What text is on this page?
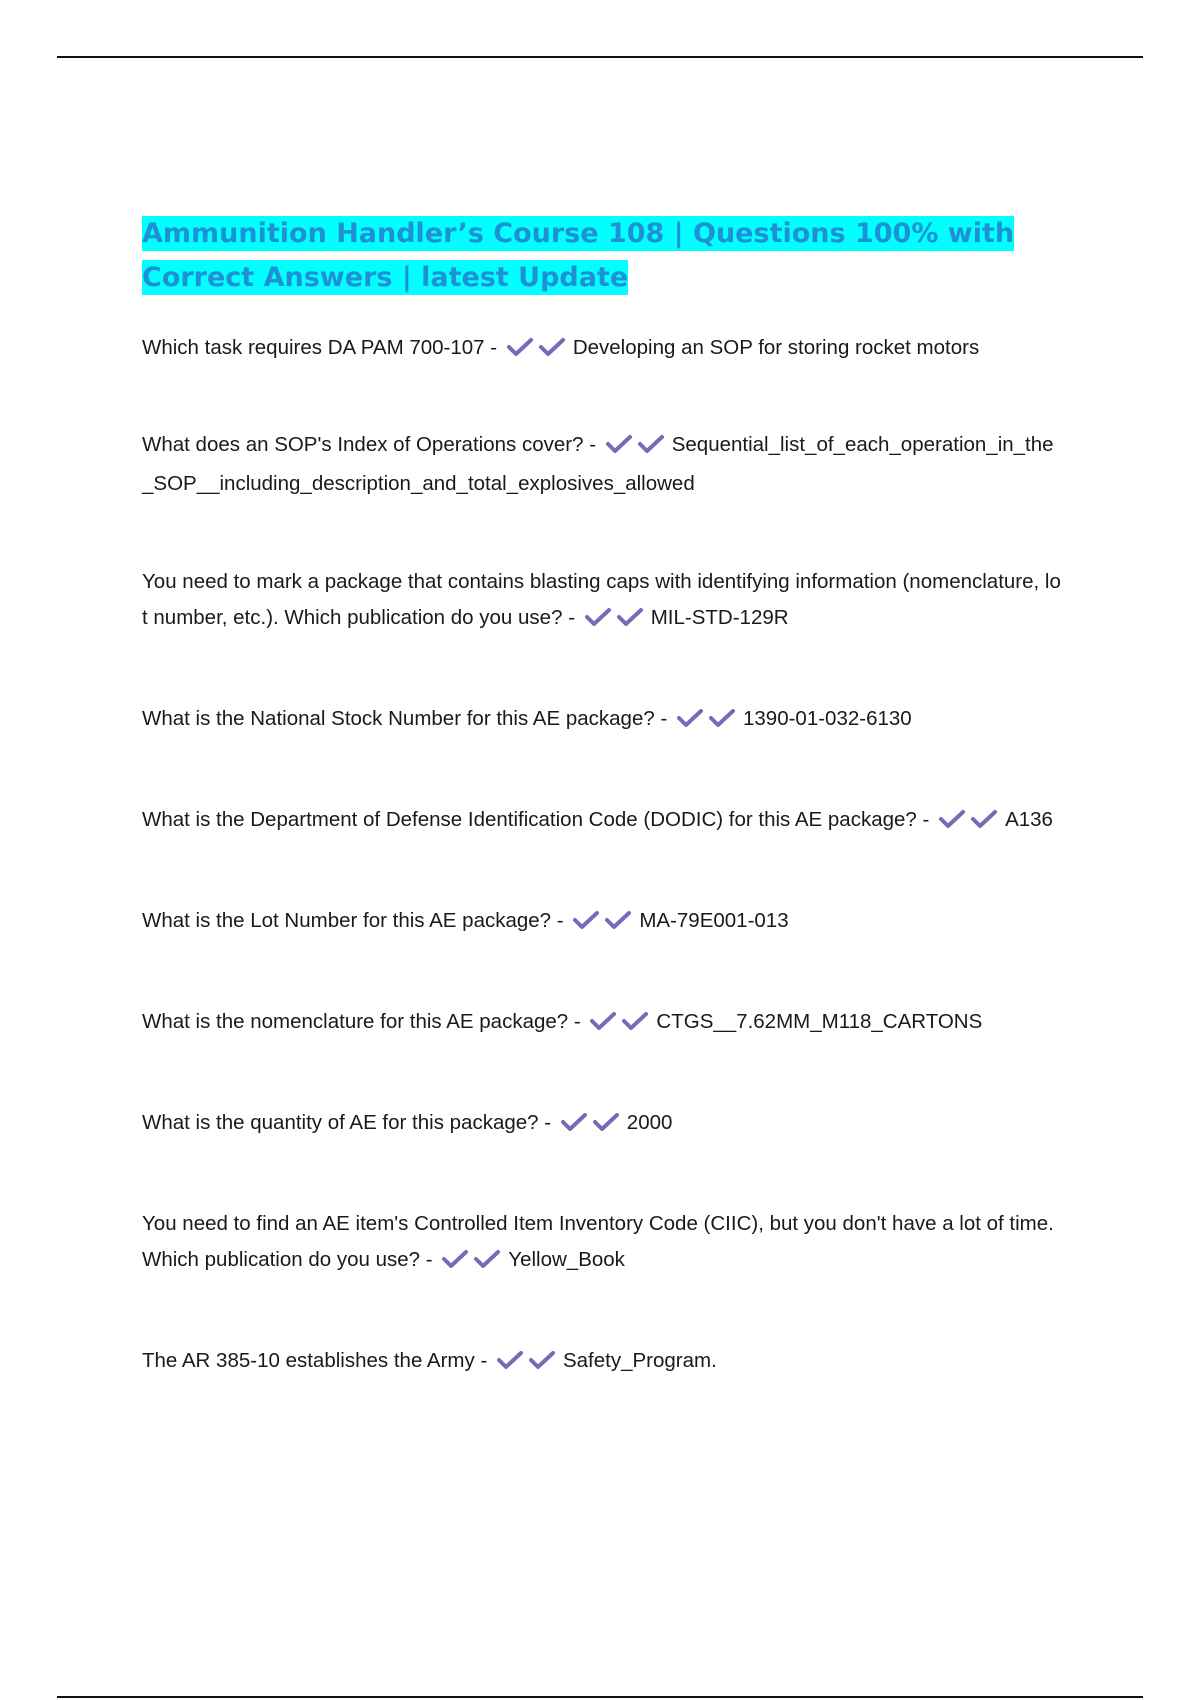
Ammunition Handler’s Course 108 | Questions 100% with Correct Answers | latest Update

Which task requires DA PAM 700-107 -	Developing an SOP for storing rocket motors

What does an SOP's Index of Operations cover? -	Sequential_list_of_each_operation_in_the_SOP__including_description_and_total_explosives_allowed

You need to mark a package that contains blasting caps with identifying information (nomenclature, lot number, etc.). Which publication do you use? -	MIL-STD-129R

What is the National Stock Number for this AE package? -	1390-01-032-6130

What is the Department of Defense Identification Code (DODIC) for this AE package? -	A136

What is the Lot Number for this AE package? -	MA-79E001-013

What is the nomenclature for this AE package? -	CTGS__7.62MM_M118_CARTONS

What is the quantity of AE for this package? -	2000

You need to find an AE item's Controlled Item Inventory Code (CIIC), but you don't have a lot of time. Which publication do you use? -	Yellow_Book

The AR 385-10 establishes the Army -	Safety_Program.
